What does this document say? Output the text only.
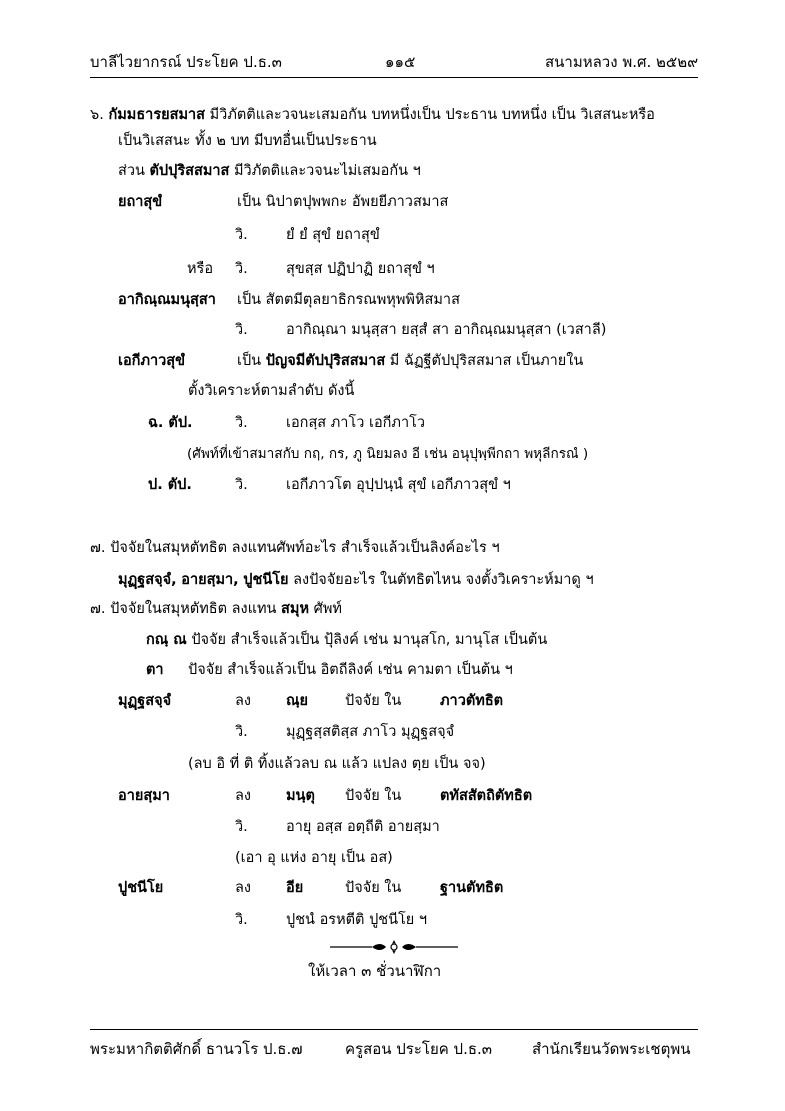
บาลีไวยากรณ์ ประโยค ป.ธ.๓	๑๑๕	สนามหลวง พ.ศ. ๒๕๒๙
๖. กัมมธารยสมาส มีวิภัตติและวจนะเสมอกัน บทหนึ่งเป็น ประธาน บทหนึ่ง เป็น วิเสสนะหรือ
เป็นวิเสสนะ ทั้ง ๒ บท มีบทอื่นเป็นประธาน
ส่วน ตัปปุริสสมาส มีวิภัตติและวจนะไม่เสมอกัน ฯ
ยถาสุขํ	เป็น นิปาตปุพพกะ อัพยยีภาวสมาส
วิ.	ยํ ยํ สุขํ ยถาสุขํ
หรือ วิ.	สุขสฺส ปฏิปาฏิ ยถาสุขํ ฯ
อากิณฺณมนุสฺสา เป็น สัตตมีตุลยาธิกรณพหุพพิหิสมาส
วิ.	อากิณฺณา มนุสฺสา ยสฺสํ สา อากิณฺณมนุสฺสา (เวสาลี)
เอกีภาวสุขํ	เป็น ปัญจมีตัปปุริสสมาส มี ฉัฏฐีตัปปุริสสมาส เป็นภายใน
ตั้งวิเคราะห์ตามลำดับ ดังนี้
ฉ. ตัป.	วิ.	เอกสฺส ภาโว เอกีภาโว
(ศัพท์ที่เข้าสมาสกับ กฤ, กร, ภู นิยมลง อี เช่น อนุปุพฺพีกถา พหุลีกรณํ )
ป. ตัป.	วิ.	เอกีภาวโต อุปฺปนฺนํ สุขํ เอกีภาวสุขํ ฯ
๗. ปัจจัยในสมุหตัทธิต ลงแทนศัพท์อะไร สำเร็จแล้วเป็นลิงค์อะไร ฯ
มุฏฺฐสจฺจํ, อายสฺมา, ปูชนีโย ลงปัจจัยอะไร ในตัทธิตไหน จงตั้งวิเคราะห์มาดู ฯ
๗. ปัจจัยในสมุหตัทธิต ลงแทน สมุห ศัพท์
กณฺ ณ ปัจจัย สำเร็จแล้วเป็น ปุ้ลิงค์ เช่น มานุสโก, มานุโส เป็นต้น
ตา ปัจจัย สำเร็จแล้วเป็น อิตถีลิงค์ เช่น คามตา เป็นต้น ฯ
มุฏฺฐสจฺจํ	ลง ณฺย	ปัจจัย ใน	ภาวตัทธิต
วิ.	มุฏฺฐสฺสติสฺส ภาโว มุฏฺฐสจฺจํ
(ลบ อิ ที่ ติ ทิ้งแล้วลบ ณ แล้ว แปลง ตฺย เป็น จจ)
อายสฺมา	ลง มนฺตุ ปัจจัย ใน	ตทัสสัตถิตัทธิต
วิ.	อายุ อสฺส อตฺถีติ อายสฺมา
(เอา อุ แห่ง อายุ เป็น อส)
ปูชนีโย	ลง อีย	ปัจจัย ใน	ฐานตัทธิต
วิ.	ปูชนํ อรหตีติ ปูชนีโย ฯ
ให้เวลา ๓ ชั่วนาฬิกา
พระมหากิตติศักดิ์ ธานวโร ป.ธ.๗	ครูสอน ประโยค ป.ธ.๓	สำนักเรียนวัดพระเชตุพน
